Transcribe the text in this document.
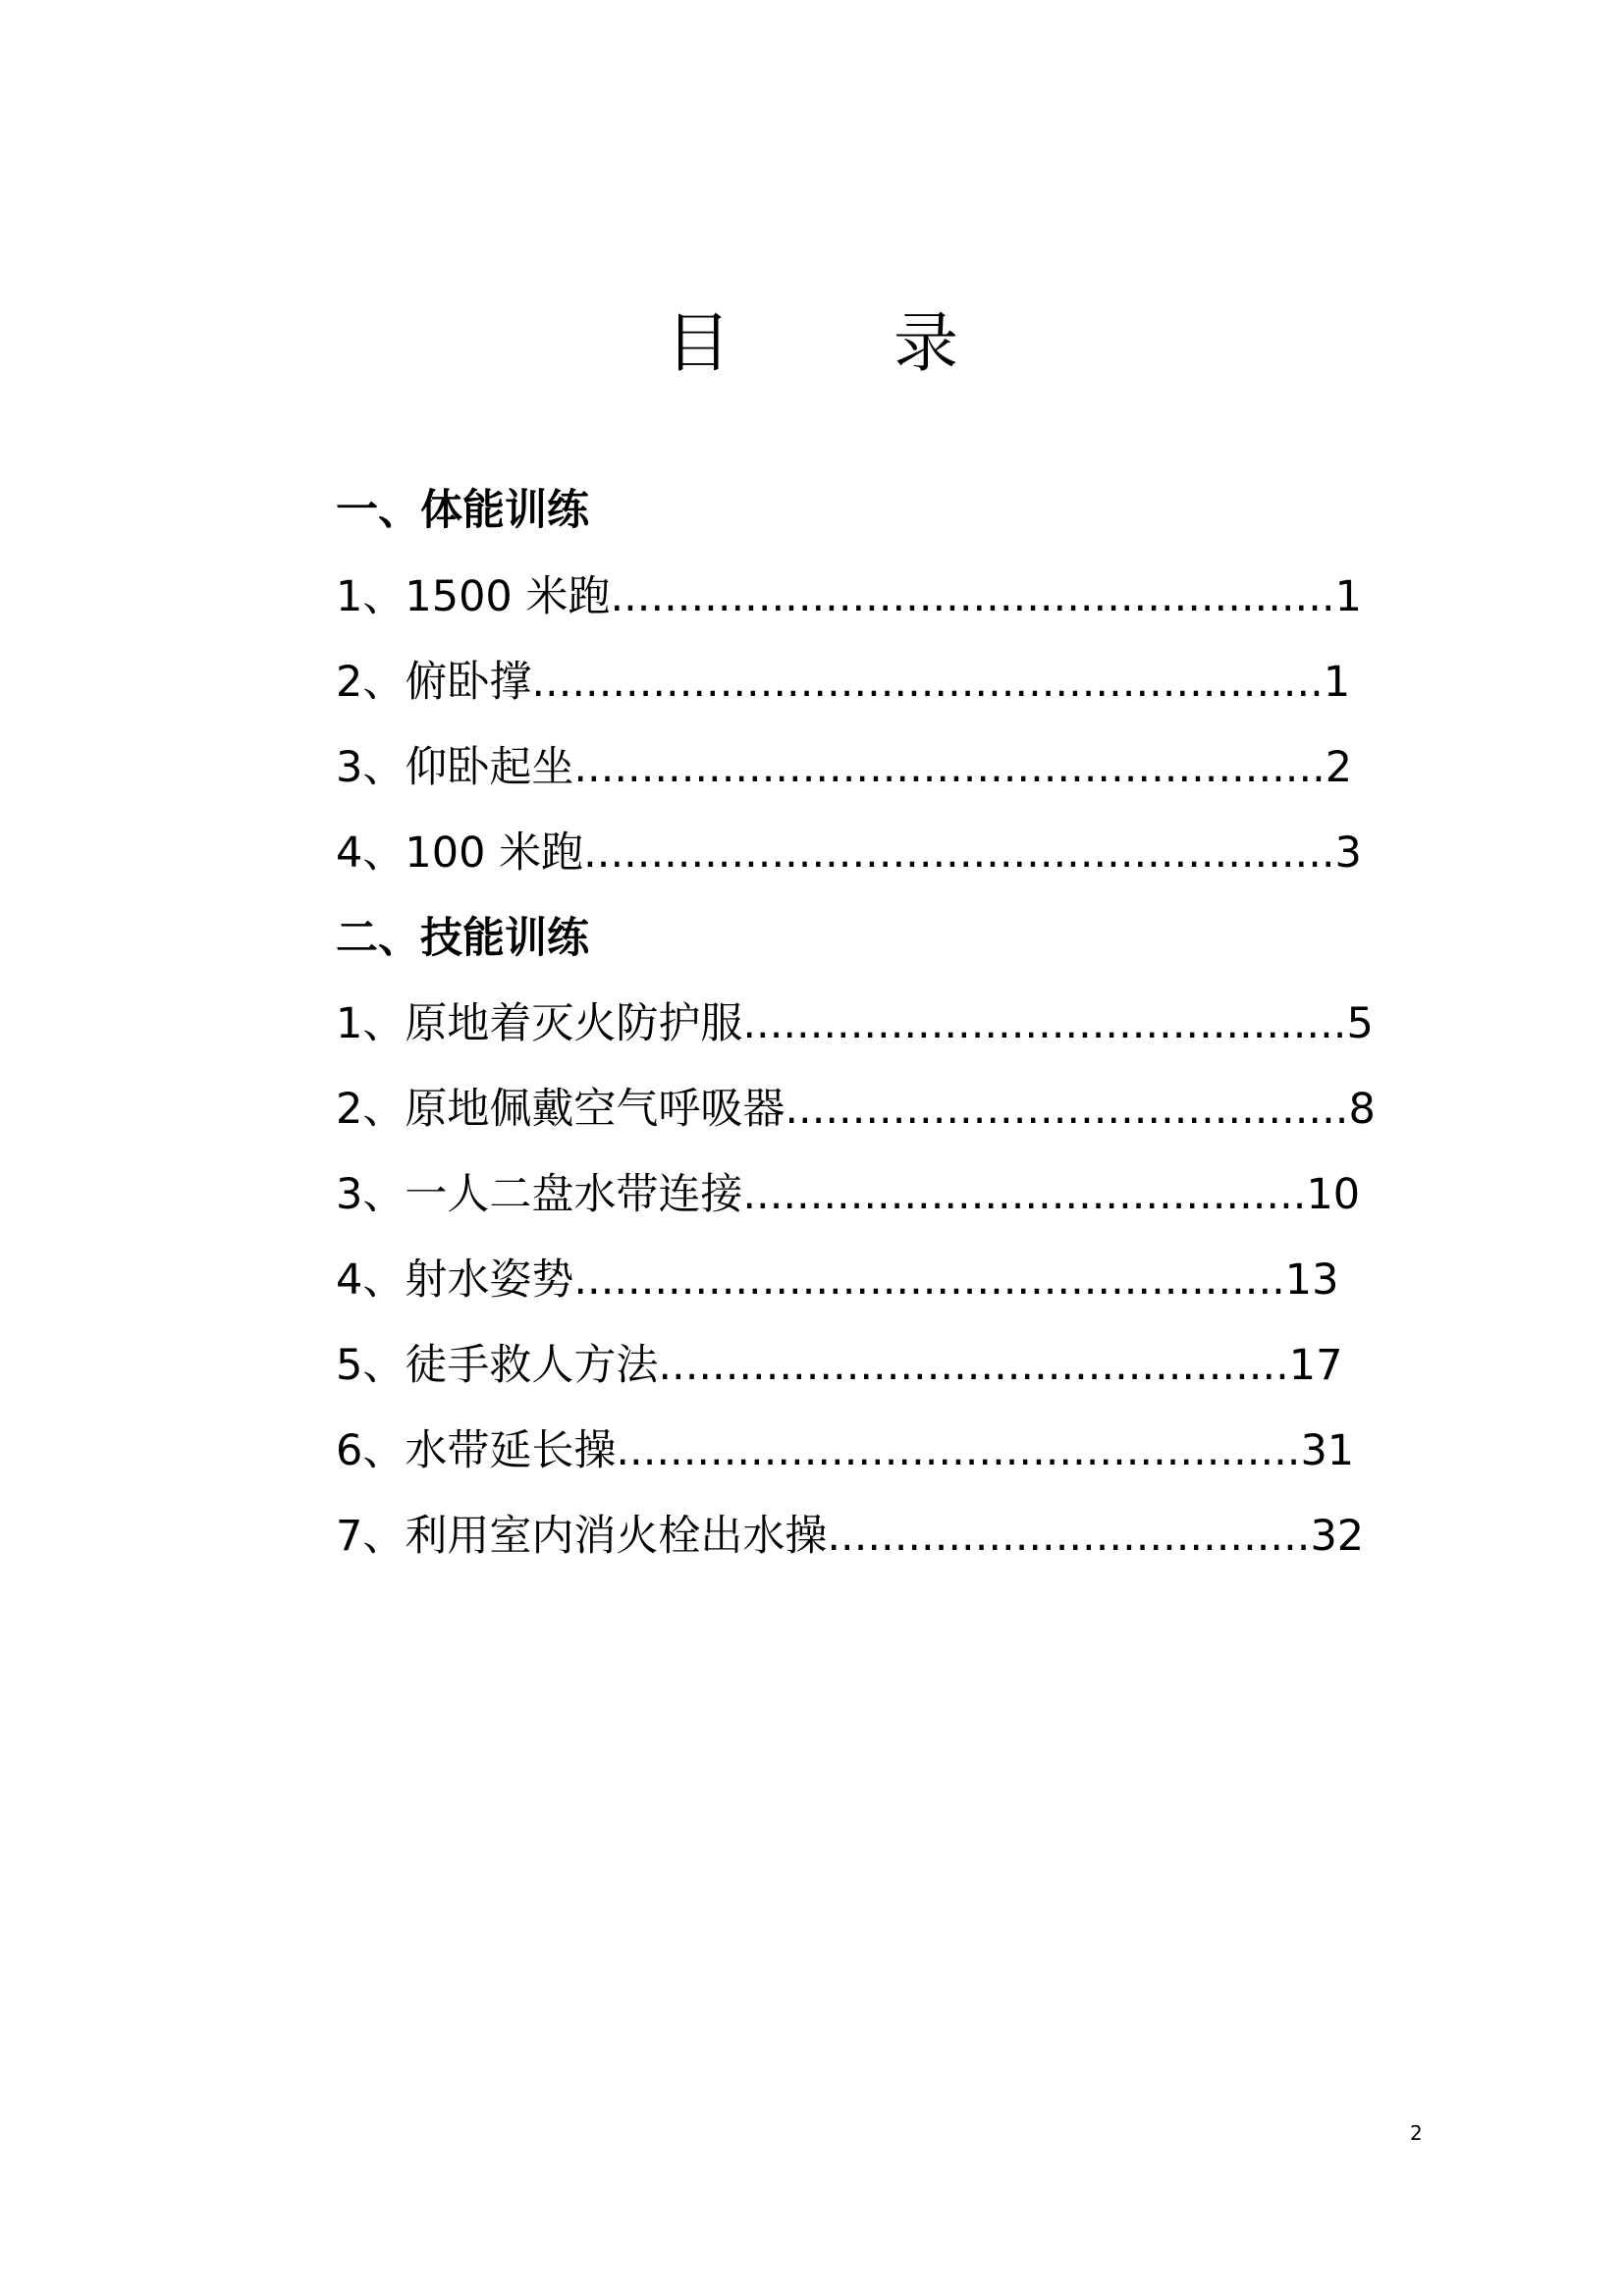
目　录
一、体能训练
1、1500 米跑......................................................1
2、俯卧撑...........................................................1
3、仰卧起坐........................................................2
4、100 米跑........................................................3
二、技能训练
1、原地着灭火防护服.............................................5
2、原地佩戴空气呼吸器..........................................8
3、一人二盘水带连接..........................................10
4、射水姿势.....................................................13
5、徒手救人方法...............................................17
6、水带延长操...................................................31
7、利用室内消火栓出水操....................................32
2
